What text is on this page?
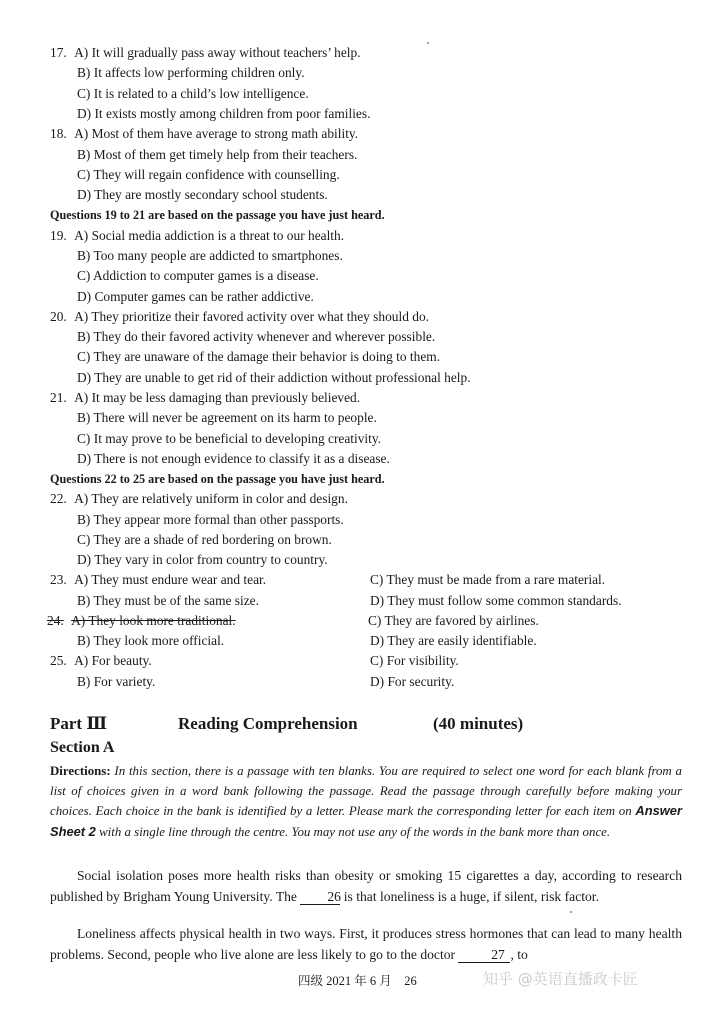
17. A) It will gradually pass away without teachers’ help.
B) It affects low performing children only.
C) It is related to a child’s low intelligence.
D) It exists mostly among children from poor families.
18. A) Most of them have average to strong math ability.
B) Most of them get timely help from their teachers.
C) They will regain confidence with counselling.
D) They are mostly secondary school students.
Questions 19 to 21 are based on the passage you have just heard.
19. A) Social media addiction is a threat to our health.
B) Too many people are addicted to smartphones.
C) Addiction to computer games is a disease.
D) Computer games can be rather addictive.
20. A) They prioritize their favored activity over what they should do.
B) They do their favored activity whenever and wherever possible.
C) They are unaware of the damage their behavior is doing to them.
D) They are unable to get rid of their addiction without professional help.
21. A) It may be less damaging than previously believed.
B) There will never be agreement on its harm to people.
C) It may prove to be beneficial to developing creativity.
D) There is not enough evidence to classify it as a disease.
Questions 22 to 25 are based on the passage you have just heard.
22. A) They are relatively uniform in color and design.
B) They appear more formal than other passports.
C) They are a shade of red bordering on brown.
D) They vary in color from country to country.
23. A) They must endure wear and tear.	C) They must be made from a rare material.
B) They must be of the same size.	D) They must follow some common standards.
24. A) They look more traditional.	C) They are favored by airlines.
B) They look more official.	D) They are easily identifiable.
25. A) For beauty.	C) For visibility.
B) For variety.	D) For security.
Part Ⅲ	Reading Comprehension	(40 minutes)
Section A
Directions: In this section, there is a passage with ten blanks. You are required to select one word for each blank from a list of choices given in a word bank following the passage. Read the passage through carefully before making your choices. Each choice in the bank is identified by a letter. Please mark the corresponding letter for each item on Answer Sheet 2 with a single line through the centre. You may not use any of the words in the bank more than once.
Social isolation poses more health risks than obesity or smoking 15 cigarettes a day, according to research published by Brigham Young University. The 26 is that loneliness is a huge, if silent, risk factor.
Loneliness affects physical health in two ways. First, it produces stress hormones that can lead to many health problems. Second, people who live alone are less likely to go to the doctor 27 , to
四级 2021 年 6 月　26	知乎 @英语直播政卡匠
